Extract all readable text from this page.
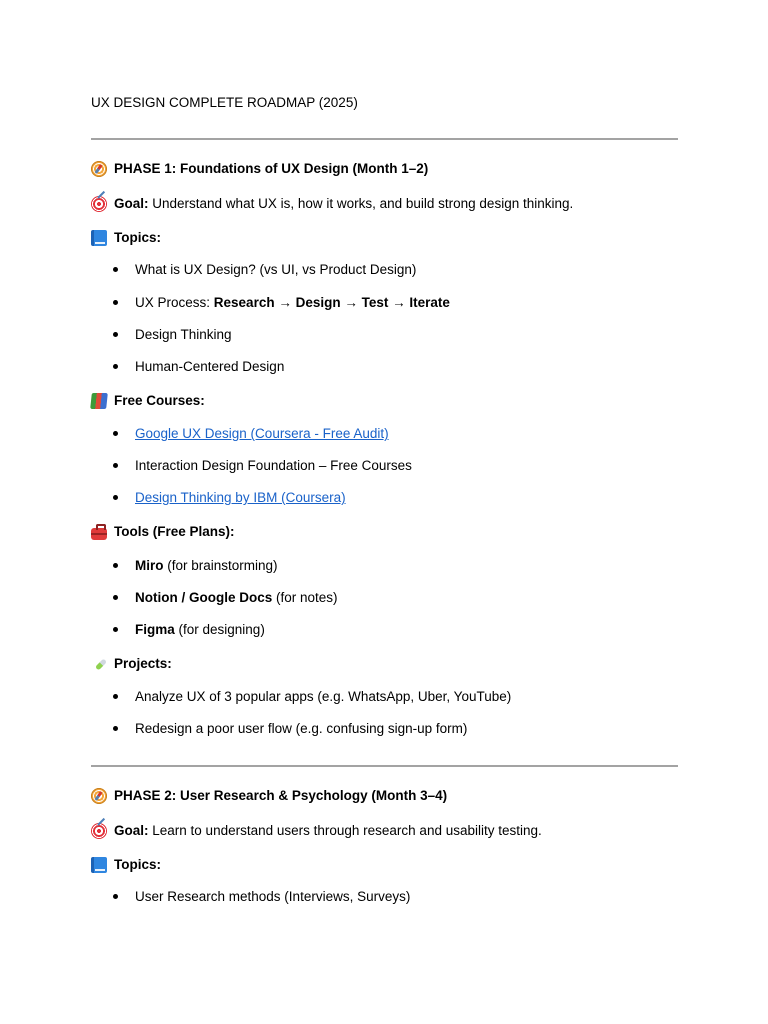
UX DESIGN COMPLETE ROADMAP (2025)
PHASE 1: Foundations of UX Design (Month 1–2)
Goal: Understand what UX is, how it works, and build strong design thinking.
Topics:
What is UX Design? (vs UI, vs Product Design)
UX Process: Research → Design → Test → Iterate
Design Thinking
Human-Centered Design
Free Courses:
Google UX Design (Coursera - Free Audit)
Interaction Design Foundation – Free Courses
Design Thinking by IBM (Coursera)
Tools (Free Plans):
Miro (for brainstorming)
Notion / Google Docs (for notes)
Figma (for designing)
Projects:
Analyze UX of 3 popular apps (e.g. WhatsApp, Uber, YouTube)
Redesign a poor user flow (e.g. confusing sign-up form)
PHASE 2: User Research & Psychology (Month 3–4)
Goal: Learn to understand users through research and usability testing.
Topics:
User Research methods (Interviews, Surveys)
